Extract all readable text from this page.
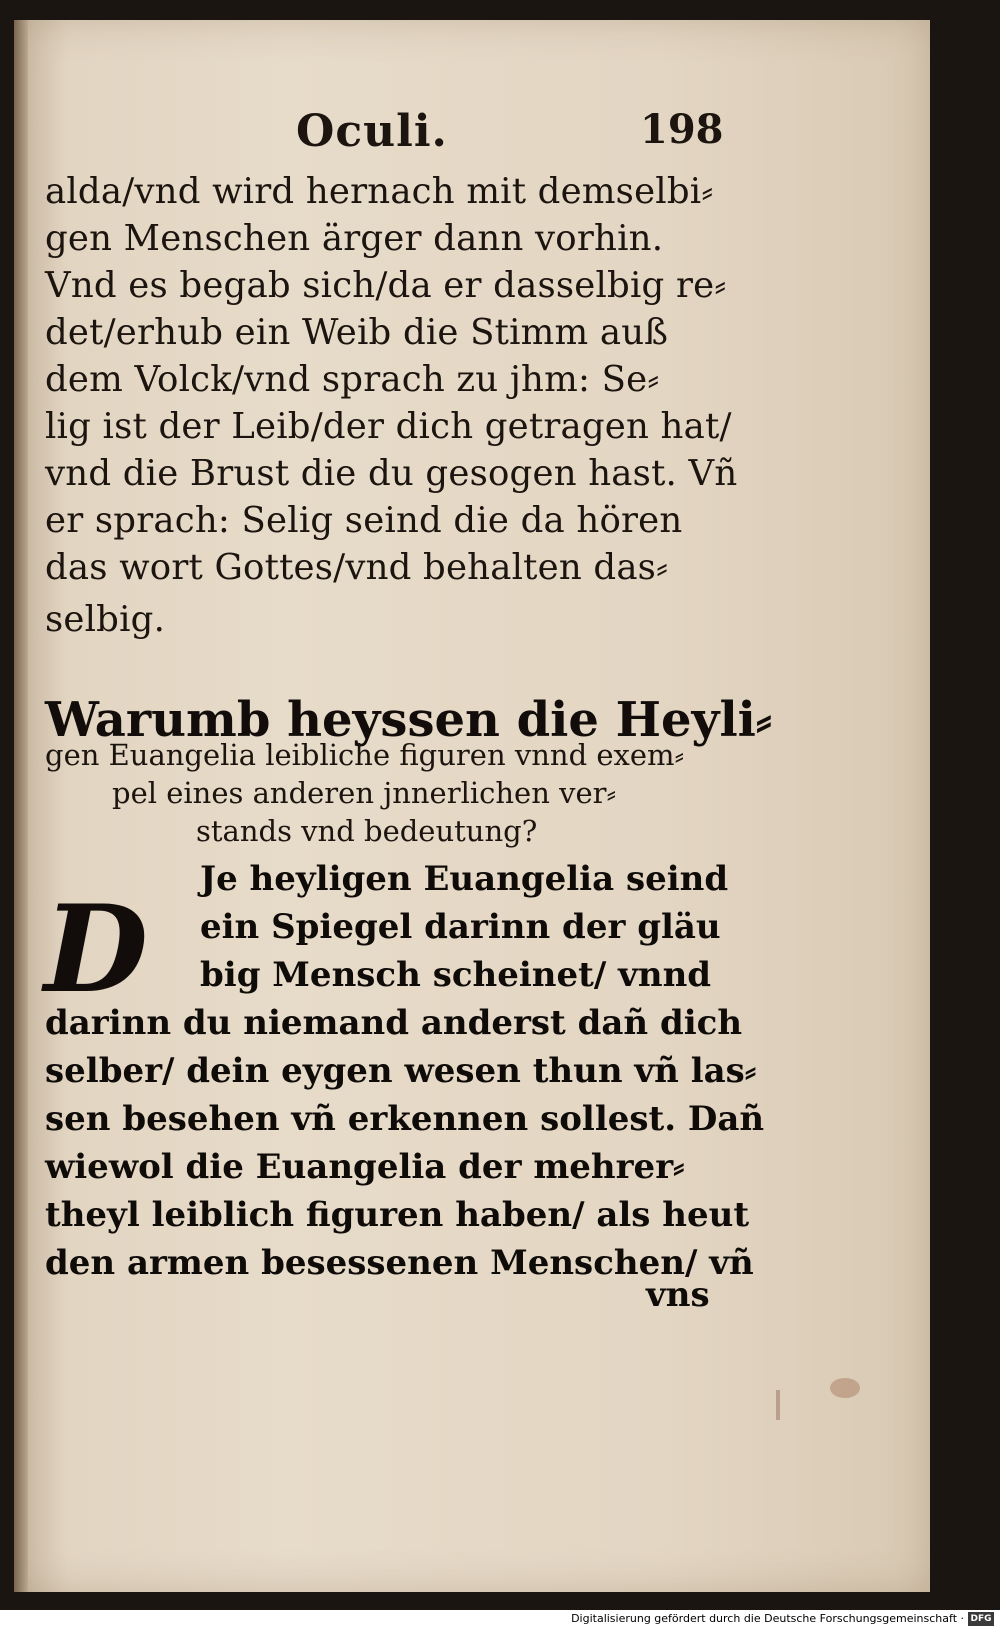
Oculi.	198
alda/vnd wird hernach mit demselbi⸗
gen Menschen ärger dann vorhin.
Vnd es begab sich/da er dasselbig re⸗
det/erhub ein Weib die Stimm auß
dem Volck/vnd sprach zu jhm: Se⸗
lig ist der Leib/der dich getragen hat/
vnd die Brust die du gesogen hast. Vñ
er sprach: Selig seind die da hören
das wort Gottes/vnd behalten das⸗
selbig.
Warumb heyssen die Heyli⸗
gen Euangelia leibliche figuren vnnd exem⸗
pel eines anderen jnnerlichen ver⸗
stands vnd bedeutung?
D	Je heyligen Euangelia seind
ein Spiegel darinn der gläu
big Mensch scheinet/ vnnd
darinn du niemand anderst dañ dich
selber/ dein eygen wesen thun vñ las⸗
sen besehen vñ erkennen sollest. Dañ
wiewol die Euangelia der mehrer⸗
theyl leiblich figuren haben/ als heut
den armen besessenen Menschen/ vñ
vns
Digitalisierung gefördert durch die Deutsche Forschungsgemeinschaft · DFG
